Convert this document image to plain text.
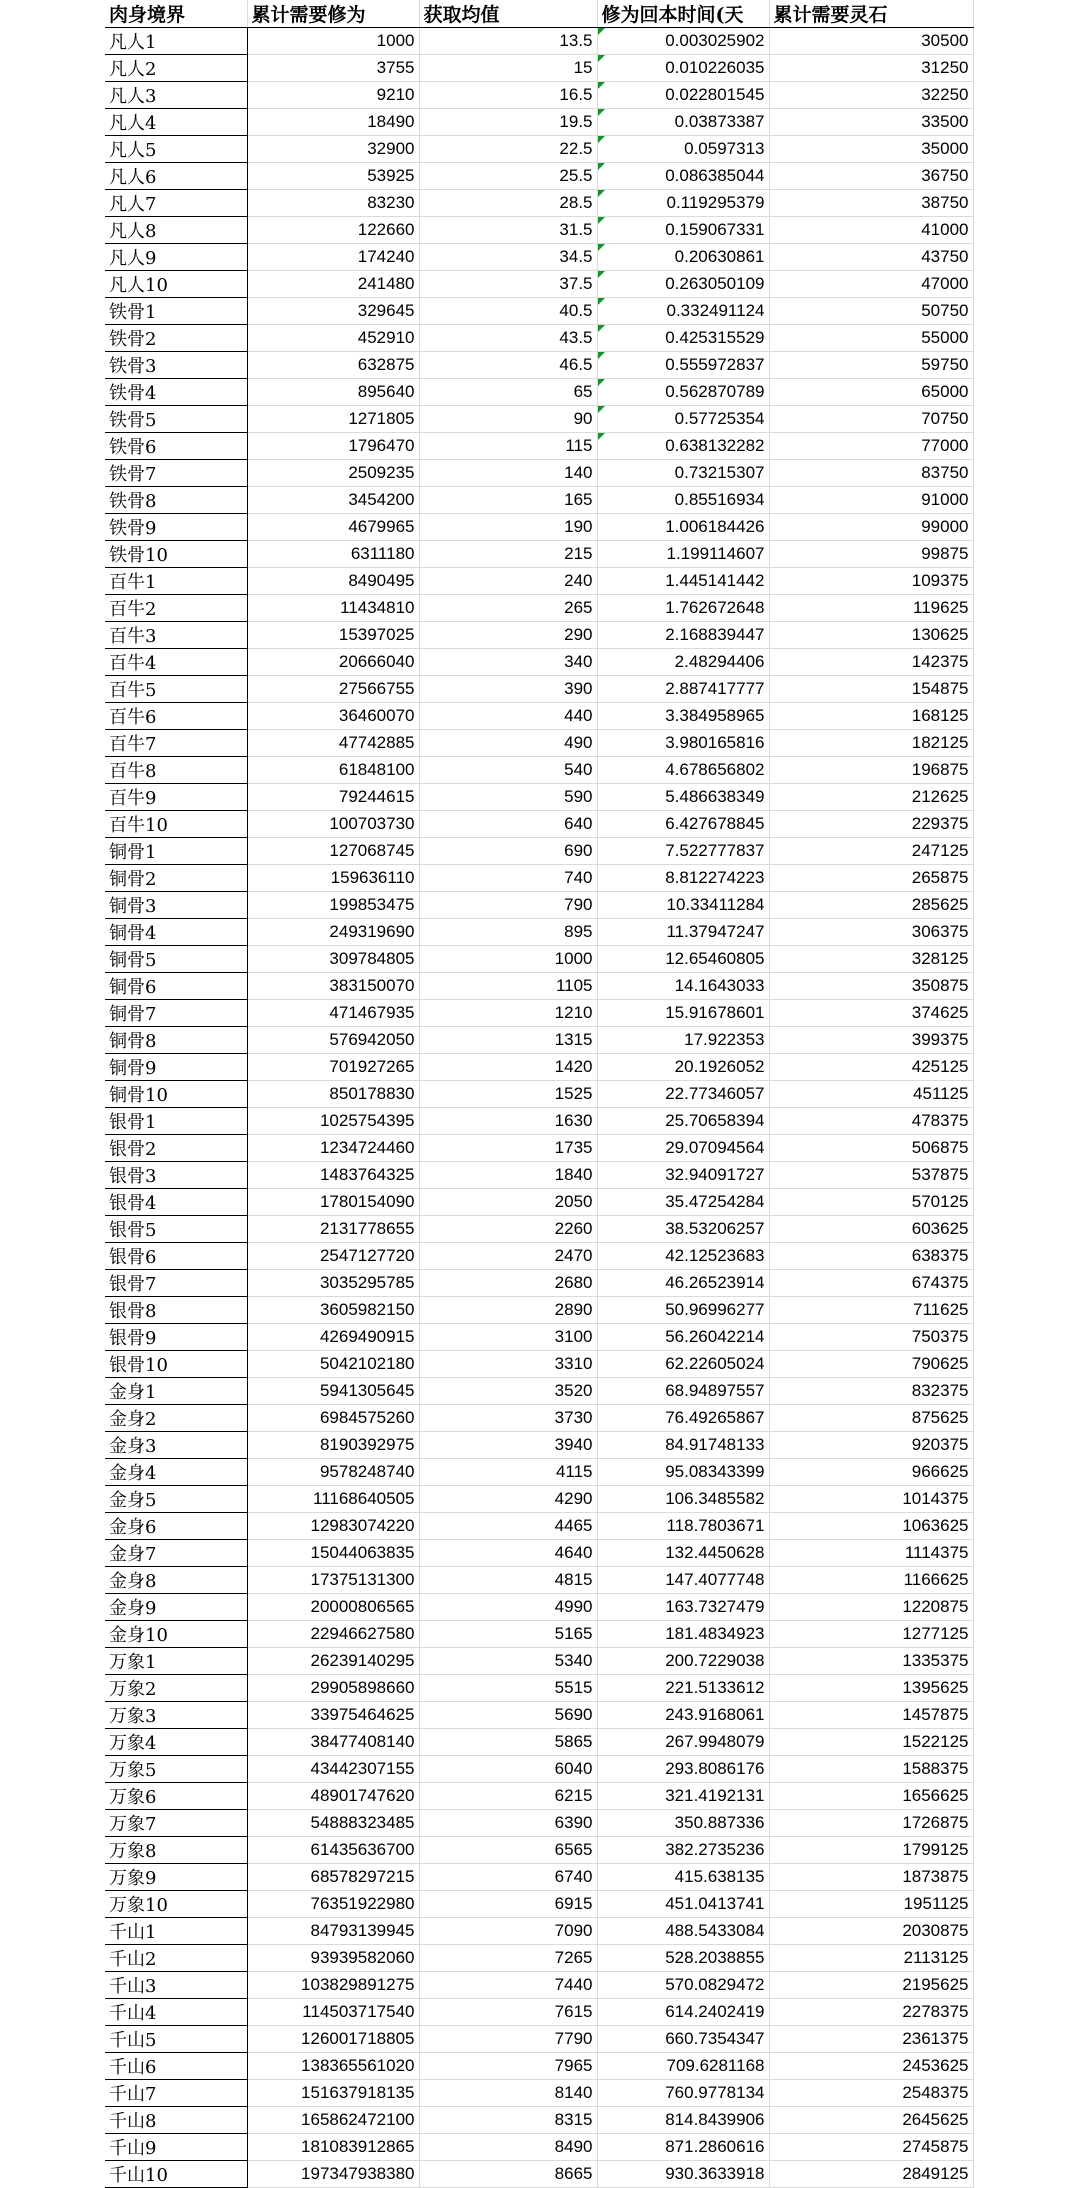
肉身境界	累计需要修为	获取均值	修为回本时间(天	累计需要灵石
凡人1	1000	13.5	0.003025902	30500
凡人2	3755	15	0.010226035	31250
凡人3	9210	16.5	0.022801545	32250
凡人4	18490	19.5	0.03873387	33500
凡人5	32900	22.5	0.0597313	35000
凡人6	53925	25.5	0.086385044	36750
凡人7	83230	28.5	0.119295379	38750
凡人8	122660	31.5	0.159067331	41000
凡人9	174240	34.5	0.20630861	43750
凡人10	241480	37.5	0.263050109	47000
铁骨1	329645	40.5	0.332491124	50750
铁骨2	452910	43.5	0.425315529	55000
铁骨3	632875	46.5	0.555972837	59750
铁骨4	895640	65	0.562870789	65000
铁骨5	1271805	90	0.57725354	70750
铁骨6	1796470	115	0.638132282	77000
铁骨7	2509235	140	0.73215307	83750
铁骨8	3454200	165	0.85516934	91000
铁骨9	4679965	190	1.006184426	99000
铁骨10	6311180	215	1.199114607	99875
百牛1	8490495	240	1.445141442	109375
百牛2	11434810	265	1.762672648	119625
百牛3	15397025	290	2.168839447	130625
百牛4	20666040	340	2.48294406	142375
百牛5	27566755	390	2.887417777	154875
百牛6	36460070	440	3.384958965	168125
百牛7	47742885	490	3.980165816	182125
百牛8	61848100	540	4.678656802	196875
百牛9	79244615	590	5.486638349	212625
百牛10	100703730	640	6.427678845	229375
铜骨1	127068745	690	7.522777837	247125
铜骨2	159636110	740	8.812274223	265875
铜骨3	199853475	790	10.33411284	285625
铜骨4	249319690	895	11.37947247	306375
铜骨5	309784805	1000	12.65460805	328125
铜骨6	383150070	1105	14.1643033	350875
铜骨7	471467935	1210	15.91678601	374625
铜骨8	576942050	1315	17.922353	399375
铜骨9	701927265	1420	20.1926052	425125
铜骨10	850178830	1525	22.77346057	451125
银骨1	1025754395	1630	25.70658394	478375
银骨2	1234724460	1735	29.07094564	506875
银骨3	1483764325	1840	32.94091727	537875
银骨4	1780154090	2050	35.47254284	570125
银骨5	2131778655	2260	38.53206257	603625
银骨6	2547127720	2470	42.12523683	638375
银骨7	3035295785	2680	46.26523914	674375
银骨8	3605982150	2890	50.96996277	711625
银骨9	4269490915	3100	56.26042214	750375
银骨10	5042102180	3310	62.22605024	790625
金身1	5941305645	3520	68.94897557	832375
金身2	6984575260	3730	76.49265867	875625
金身3	8190392975	3940	84.91748133	920375
金身4	9578248740	4115	95.08343399	966625
金身5	11168640505	4290	106.3485582	1014375
金身6	12983074220	4465	118.7803671	1063625
金身7	15044063835	4640	132.4450628	1114375
金身8	17375131300	4815	147.4077748	1166625
金身9	20000806565	4990	163.7327479	1220875
金身10	22946627580	5165	181.4834923	1277125
万象1	26239140295	5340	200.7229038	1335375
万象2	29905898660	5515	221.5133612	1395625
万象3	33975464625	5690	243.9168061	1457875
万象4	38477408140	5865	267.9948079	1522125
万象5	43442307155	6040	293.8086176	1588375
万象6	48901747620	6215	321.4192131	1656625
万象7	54888323485	6390	350.887336	1726875
万象8	61435636700	6565	382.2735236	1799125
万象9	68578297215	6740	415.638135	1873875
万象10	76351922980	6915	451.0413741	1951125
千山1	84793139945	7090	488.5433084	2030875
千山2	93939582060	7265	528.2038855	2113125
千山3	103829891275	7440	570.0829472	2195625
千山4	114503717540	7615	614.2402419	2278375
千山5	126001718805	7790	660.7354347	2361375
千山6	138365561020	7965	709.6281168	2453625
千山7	151637918135	8140	760.9778134	2548375
千山8	165862472100	8315	814.8439906	2645625
千山9	181083912865	8490	871.2860616	2745875
千山10	197347938380	8665	930.3633918	2849125
